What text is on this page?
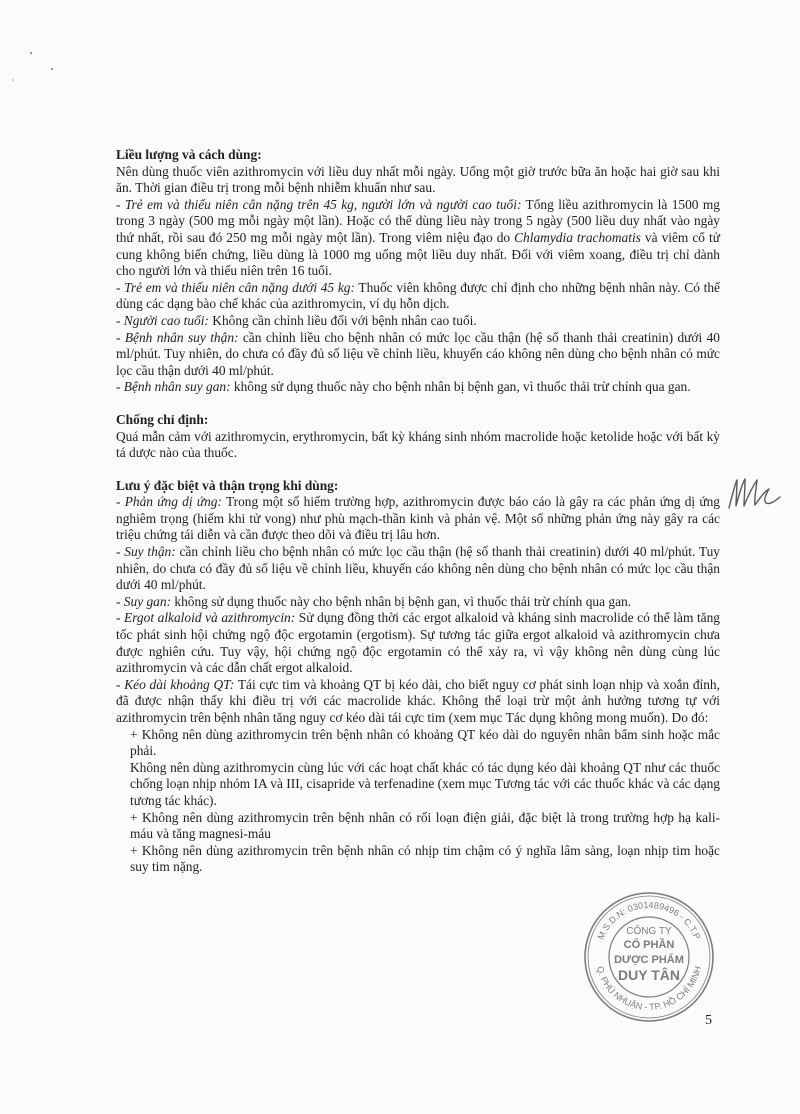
Liều lượng và cách dùng:

Nên dùng thuốc viên azithromycin với liều duy nhất mỗi ngày. Uống một giờ trước bữa ăn hoặc hai giờ sau khi ăn. Thời gian điều trị trong mỗi bệnh nhiễm khuẩn như sau.

- Trẻ em và thiếu niên cân nặng trên 45 kg, người lớn và người cao tuổi: Tổng liều azithromycin là 1500 mg trong 3 ngày (500 mg mỗi ngày một lần). Hoặc có thể dùng liều này trong 5 ngày (500 liều duy nhất vào ngày thứ nhất, rồi sau đó 250 mg mỗi ngày một lần). Trong viêm niệu đạo do Chlamydia trachomatis và viêm cổ tử cung không biến chứng, liều dùng là 1000 mg uống một liều duy nhất. Đối với viêm xoang, điều trị chỉ dành cho người lớn và thiếu niên trên 16 tuổi.

- Trẻ em và thiếu niên cân nặng dưới 45 kg: Thuốc viên không được chỉ định cho những bệnh nhân này. Có thể dùng các dạng bào chế khác của azithromycin, ví dụ hỗn dịch.

- Người cao tuổi: Không cần chỉnh liều đối với bệnh nhân cao tuổi.

- Bệnh nhân suy thận: cần chỉnh liều cho bệnh nhân có mức lọc cầu thận (hệ số thanh thải creatinin) dưới 40 ml/phút. Tuy nhiên, do chưa có đầy đủ số liệu về chỉnh liều, khuyến cáo không nên dùng cho bệnh nhân có mức lọc cầu thận dưới 40 ml/phút.

- Bệnh nhân suy gan: không sử dụng thuốc này cho bệnh nhân bị bệnh gan, vì thuốc thải trừ chính qua gan.

Chống chỉ định:

Quá mẫn cảm với azithromycin, erythromycin, bất kỳ kháng sinh nhóm macrolide hoặc ketolide hoặc với bất kỳ tá dược nào của thuốc.

Lưu ý đặc biệt và thận trọng khi dùng:

- Phản ứng dị ứng: Trong một số hiếm trường hợp, azithromycin được báo cáo là gây ra các phản ứng dị ứng nghiêm trọng (hiếm khi tử vong) như phù mạch-thần kinh và phản vệ. Một số những phản ứng này gây ra các triệu chứng tái diễn và cần được theo dõi và điều trị lâu hơn.

- Suy thận: cần chỉnh liều cho bệnh nhân có mức lọc cầu thận (hệ số thanh thải creatinin) dưới 40 ml/phút. Tuy nhiên, do chưa có đầy đủ số liệu về chỉnh liều, khuyến cáo không nên dùng cho bệnh nhân có mức lọc cầu thận dưới 40 ml/phút.

- Suy gan: không sử dụng thuốc này cho bệnh nhân bị bệnh gan, vì thuốc thải trừ chính qua gan.

- Ergot alkaloid và azithromycin: Sử dụng đồng thời các ergot alkaloid và kháng sinh macrolide có thể làm tăng tốc phát sinh hội chứng ngộ độc ergotamin (ergotism). Sự tương tác giữa ergot alkaloid và azithromycin chưa được nghiên cứu. Tuy vậy, hội chứng ngộ độc ergotamin có thể xảy ra, vì vậy không nên dùng cùng lúc azithromycin và các dẫn chất ergot alkaloid.

- Kéo dài khoảng QT: Tái cực tim và khoảng QT bị kéo dài, cho biết nguy cơ phát sinh loạn nhịp và xoắn đỉnh, đã được nhận thấy khi điều trị với các macrolide khác. Không thể loại trừ một ảnh hưởng tương tự với azithromycin trên bệnh nhân tăng nguy cơ kéo dài tái cực tim (xem mục Tác dụng không mong muốn). Do đó:

+ Không nên dùng azithromycin trên bệnh nhân có khoảng QT kéo dài do nguyên nhân bẩm sinh hoặc mắc phải.

Không nên dùng azithromycin cùng lúc với các hoạt chất khác có tác dụng kéo dài khoảng QT như các thuốc chống loạn nhịp nhóm IA và III, cisapride và terfenadine (xem mục Tương tác với các thuốc khác và các dạng tương tác khác).

+ Không nên dùng azithromycin trên bệnh nhân có rối loạn điện giải, đặc biệt là trong trường hợp hạ kali-máu và tăng magnesi-máu

+ Không nên dùng azithromycin trên bệnh nhân có nhịp tim chậm có ý nghĩa lâm sàng, loạn nhịp tim hoặc suy tim nặng.

M.S.D.N: 0301489496 - C.T.P
Q. PHÚ NHUẬN - TP. HỒ CHÍ MINH
CÔNG TY
CỔ PHẦN
DƯỢC PHẨM
DUY TÂN
5
